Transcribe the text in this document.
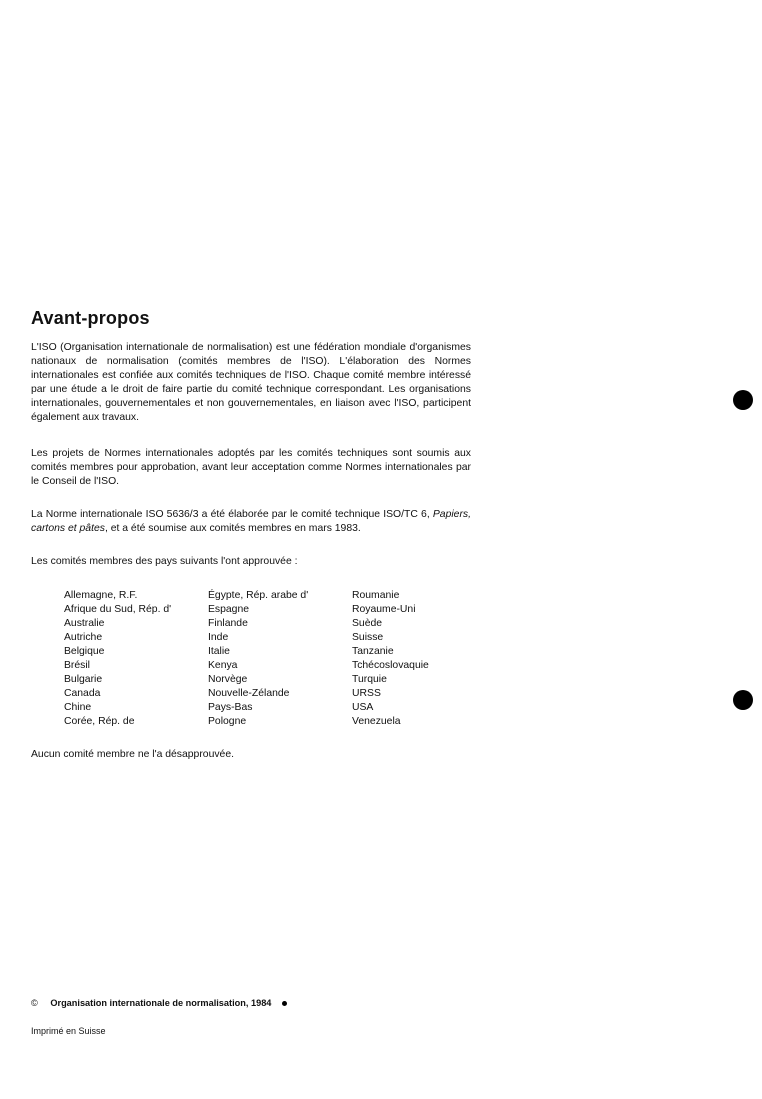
Avant-propos

L'ISO (Organisation internationale de normalisation) est une fédération mondiale d'organismes nationaux de normalisation (comités membres de l'ISO). L'élaboration des Normes internationales est confiée aux comités techniques de l'ISO. Chaque comité membre intéressé par une étude a le droit de faire partie du comité technique correspondant. Les organisations internationales, gouvernementales et non gouvernementales, en liaison avec l'ISO, participent également aux travaux.

Les projets de Normes internationales adoptés par les comités techniques sont soumis aux comités membres pour approbation, avant leur acceptation comme Normes internationales par le Conseil de l'ISO.

La Norme internationale ISO 5636/3 a été élaborée par le comité technique ISO/TC 6, Papiers, cartons et pâtes, et a été soumise aux comités membres en mars 1983.

Les comités membres des pays suivants l'ont approuvée :

Allemagne, R.F.
Afrique du Sud, Rép. d'
Australie
Autriche
Belgique
Brésil
Bulgarie
Canada
Chine
Corée, Rép. de
Égypte, Rép. arabe d'
Espagne
Finlande
Inde
Italie
Kenya
Norvège
Nouvelle-Zélande
Pays-Bas
Pologne
Roumanie
Royaume-Uni
Suède
Suisse
Tanzanie
Tchécoslovaquie
Turquie
URSS
USA
Venezuela

Aucun comité membre ne l'a désapprouvée.

© Organisation internationale de normalisation, 1984
Imprimé en Suisse
